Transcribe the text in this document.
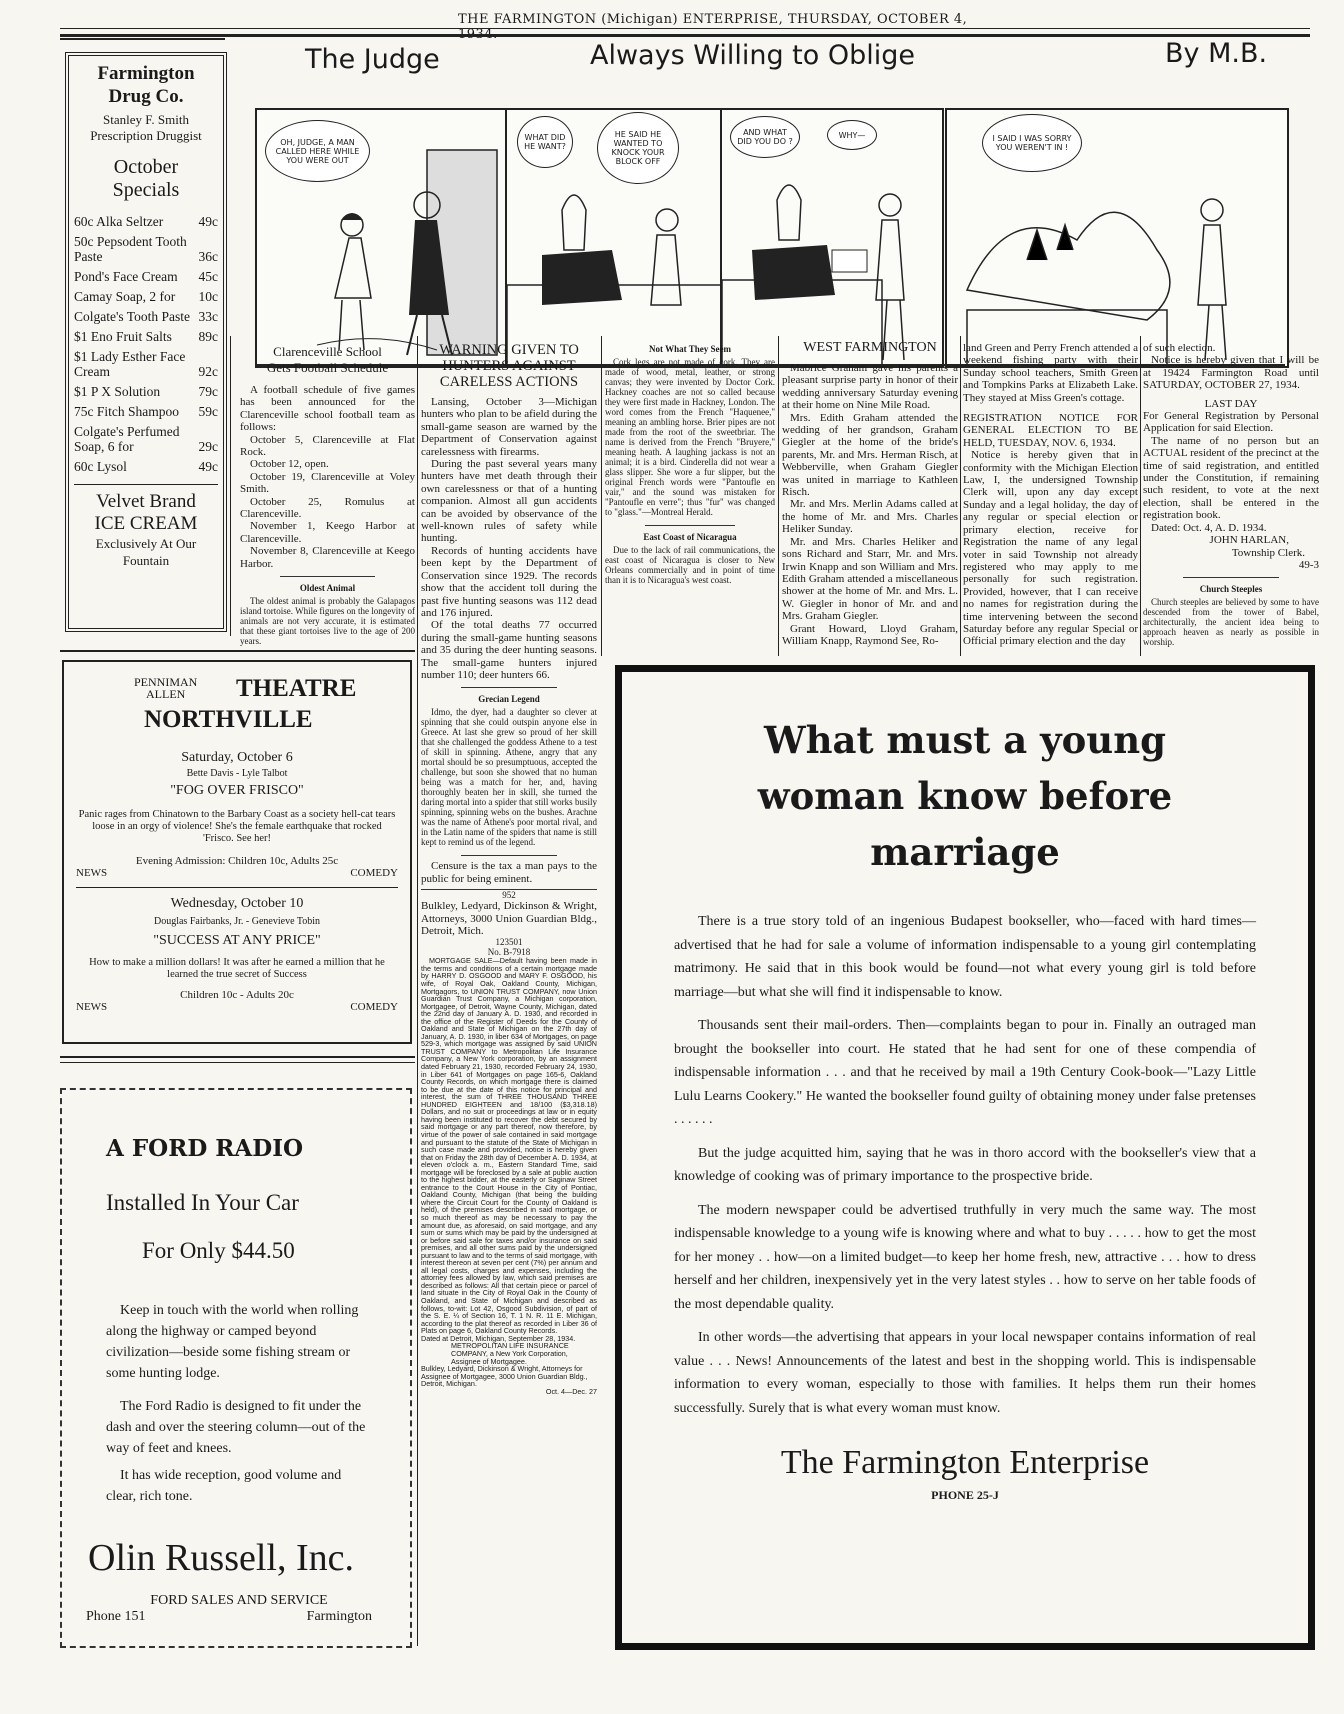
THE FARMINGTON (Michigan) ENTERPRISE, THURSDAY, OCTOBER 4,
The Judge	Always Willing to Oblige	By M.B.
OH, JUDGE, A MAN CALLED HERE WHILE YOU WERE OUT
WHAT DID HE WANT?
HE SAID HE WANTED TO KNOCK YOUR BLOCK OFF
AND WHAT DID YOU DO ?
WHY—	I SAID I WAS SORRY YOU WEREN'T IN !
Farmington
Drug Co.
Stanley F. Smith
Prescription Druggist
October
Specials
60c Alka Seltzer	49c
50c Pepsodent Tooth Paste	36c
Pond's Face Cream 45c
Camay Soap, 2 for 10c
Colgate's Tooth Paste 33c
$1 Eno Fruit Salts 89c
$1 Lady Esther Face Cream	92c
$1 P X Solution	79c
75c Fitch Shampoo 59c
Colgate's Perfumed Soap, 6 for	29c
60c Lysol	49c
Velvet Brand
ICE CREAM
Exclusively At Our
Fountain
Clarenceville School
Gets Football Schedule

A football schedule of five games has been announced for the Clarenceville school football team as follows:

October 5, Clarenceville at Flat Rock.

October 12, open.

October 19, Clarenceville at Voley Smith.

October 25, Romulus at Clarenceville.

November 1, Keego Harbor at Clarenceville.

November 8, Clarenceville at Keego Harbor.

Oldest Animal

The oldest animal is probably the Galapagos island tortoise. While figures on the longevity of animals are not very accurate, it is estimated that these giant tortoises live to the age of 200 years.

WARNING GIVEN TO
HUNTERS AGAINST
CARELESS ACTIONS

Lansing, October 3—Michigan hunters who plan to be afield during the small-game season are warned by the Department of Conservation against carelessness with firearms.

During the past several years many hunters have met death through their own carelessness or that of a hunting companion. Almost all gun accidents can be avoided by observance of the well-known rules of safety while hunting.

Records of hunting accidents have been kept by the Department of Conservation since 1929. The records show that the accident toll during the past five hunting seasons was 112 dead and 176 injured.

Of the total deaths 77 occurred during the small-game hunting seasons and 35 during the deer hunting seasons. The small-game hunters injured number 110; deer hunters 66.

Grecian Legend

Idmo, the dyer, had a daughter so clever at spinning that she could outspin anyone else in Greece. At last she grew so proud of her skill that she challenged the goddess Athene to a test of skill in spinning. Athene, angry that any mortal should be so presumptuous, accepted the challenge, but soon she showed that no human being was a match for her, and, having thoroughly beaten her in skill, she turned the daring mortal into a spider that still works busily spinning, spinning webs on the bushes. Arachne was the name of Athene's poor mortal rival, and in the Latin name of the spiders that name is still kept to remind us of the legend.

Censure is the tax a man pays to the public for being eminent.

952

Bulkley, Ledyard, Dickinson & Wright, Attorneys, 3000 Union Guardian Bldg., Detroit, Mich.

123501
No. B-7918

MORTGAGE SALE—Default having been made in the terms and conditions of a certain mortgage made by HARRY D. OSGOOD and MARY F. OSGOOD, his wife, of Royal Oak, Oakland County, Michigan, Mortgagors, to UNION TRUST COMPANY, now Union Guardian Trust Company, a Michigan corporation, Mortgagee, of Detroit, Wayne County, Michigan, dated the 22nd day of January A. D. 1930, and recorded in the office of the Register of Deeds for the County of Oakland and State of Michigan on the 27th day of January, A. D. 1930, in liber 634 of Mortgages, on page 529-3, which mortgage was assigned by said UNION TRUST COMPANY to Metropolitan Life Insurance Company, a New York corporation, by an assignment dated February 21, 1930, recorded February 24, 1930, in Liber 641 of Mortgages on page 165-6, Oakland County Records, on which mortgage there is claimed to be due at the date of this notice for principal and interest, the sum of THREE THOUSAND THREE HUNDRED EIGHTEEN and 18/100 ($3,318.18) Dollars, and no suit or proceedings at law or in equity having been instituted to recover the debt secured by said mortgage or any part thereof, now therefore, by virtue of the power of sale contained in said mortgage and pursuant to the statute of the State of Michigan in such case made and provided, notice is hereby given that on Friday the 28th day of December A. D. 1934, at eleven o'clock a. m., Eastern Standard Time, said mortgage will be foreclosed by a sale at public auction to the highest bidder, at the easterly or Saginaw Street entrance to the Court House in the City of Pontiac, Oakland County, Michigan (that being the building where the Circuit Court for the County of Oakland is held), of the premises described in said mortgage, or so much thereof as may be necessary to pay the amount due, as aforesaid, on said mortgage, and any sum or sums which may be paid by the undersigned at or before said sale for taxes and/or insurance on said premises, and all other sums paid by the undersigned pursuant to law and to the terms of said mortgage, with interest thereon at seven per cent (7%) per annum and all legal costs, charges and expenses, including the attorney fees allowed by law, which said premises are described as follows: All that certain piece or parcel of land situate in the City of Royal Oak in the County of Oakland, and State of Michigan and described as follows, to-wit: Lot 42, Osgood Subdivision, of part of the S. E. ¼ of Section 16, T. 1 N. R. 11 E. Michigan, according to the plat thereof as recorded in Liber 36 of Plats on page 6, Oakland County Records.

Dated at Detroit, Michigan, September 28, 1934.

METROPOLITAN LIFE INSURANCE COMPANY, a New York Corporation, Assignee of Mortgagee.

Bulkley, Ledyard, Dickinson & Wright, Attorneys for Assignee of Mortgagee, 3000 Union Guardian Bldg., Detroit, Michigan.

Oct. 4—Dec. 27

Not What They Seem

Cork legs are not made of cork. They are made of wood, metal, leather, or strong canvas; they were invented by Doctor Cork. Hackney coaches are not so called because they were first made in Hackney, London. The word comes from the French "Haquenee," meaning an ambling horse. Brier pipes are not made from the root of the sweetbriar. The name is derived from the French "Bruyere," meaning heath. A laughing jackass is not an animal; it is a bird. Cinderella did not wear a glass slipper. She wore a fur slipper, but the original French words were "Pantoufle en vair," and the sound was mistaken for "Pantoufle en verre"; thus "fur" was changed to "glass."—Montreal Herald.

East Coast of Nicaragua

Due to the lack of rail communications, the east coast of Nicaragua is closer to New Orleans commercially and in point of time than it is to Nicaragua's west coast.

WEST FARMINGTON

Mabrice Graham gave his parents a pleasant surprise party in honor of their wedding anniversary Saturday evening at their home on Nine Mile Road.

Mrs. Edith Graham attended the wedding of her grandson, Graham Giegler at the home of the bride's parents, Mr. and Mrs. Herman Risch, at Webberville, when Graham Giegler was united in marriage to Kathleen Risch.

Mr. and Mrs. Merlin Adams called at the home of Mr. and Mrs. Charles Heliker Sunday.

Mr. and Mrs. Charles Heliker and sons Richard and Starr, Mr. and Mrs. Irwin Knapp and son William and Mrs. Edith Graham attended a miscellaneous shower at the home of Mr. and Mrs. L. W. Giegler in honor of Mr. and and Mrs. Graham Giegler.

Grant Howard, Lloyd Graham, William Knapp, Raymond See, Ro-

land Green and Perry French attended a weekend fishing party with their Sunday school teachers, Smith Green and Tompkins Parks at Elizabeth Lake. They stayed at Miss Green's cottage.

REGISTRATION NOTICE FOR GENERAL ELECTION TO BE HELD, TUESDAY, NOV. 6, 1934.

Notice is hereby given that in conformity with the Michigan Election Law, I, the undersigned Township Clerk will, upon any day except Sunday and a legal holiday, the day of any regular or special election or primary election, receive for Registration the name of any legal voter in said Township not already registered who may apply to me personally for such registration. Provided, however, that I can receive no names for registration during the time intervening between the second Saturday before any regular Special or Official primary election and the day

of such election.

Notice is hereby given that I will be at 19424 Farmington Road until SATURDAY, OCTOBER 27, 1934.

LAST DAY

For General Registration by Personal Application for said Election.

The name of no person but an ACTUAL resident of the precinct at the time of said registration, and entitled under the Constitution, if remaining such resident, to vote at the next election, shall be entered in the registration book.

Dated: Oct. 4, A. D. 1934.

JOHN HARLAN,

Township Clerk.

49-3

Church Steeples

Church steeples are believed by some to have descended from the tower of Babel, architecturally, the ancient idea being to approach heaven as nearly as possible in worship.

PENNIMAN
ALLEN THEATRE
NORTHVILLE
Saturday, October 6
Bette Davis - Lyle Talbot
"FOG OVER FRISCO"
Panic rages from Chinatown to the Barbary Coast as a society hell-cat tears loose in an orgy of violence! She's the female earthquake that rocked 'Frisco. See her!
Evening Admission: Children 10c, Adults 25c
NEWS	COMEDY
Wednesday, October 10
Douglas Fairbanks, Jr. - Genevieve Tobin
"SUCCESS AT ANY PRICE"
How to make a million dollars! It was after he earned a million that he learned the true secret of Success
Children 10c - Adults 20c
NEWS	COMEDY
A FORD RADIO
Installed In Your Car
For Only $44.50

Keep in touch with the world when rolling along the highway or camped beyond civilization—beside some fishing stream or some hunting lodge.

The Ford Radio is designed to fit under the dash and over the steering column—out of the way of feet and knees.

It has wide reception, good volume and clear, rich tone.

Olin Russell, Inc.
FORD SALES AND SERVICE
Phone 151	Farmington
What must a young woman know before marriage

There is a true story told of an ingenious Budapest bookseller, who—faced with hard times—advertised that he had for sale a volume of information indispensable to a young girl contemplating matrimony. He said that in this book would be found—not what every young girl is told before marriage—but what she will find it indispensable to know.

Thousands sent their mail-orders. Then—complaints began to pour in. Finally an outraged man brought the bookseller into court. He stated that he had sent for one of these compendia of indispensable information . . . and that he received by mail a 19th Century Cook-book—"Lazy Little Lulu Learns Cookery." He wanted the bookseller found guilty of obtaining money under false pretenses . . . . . .

But the judge acquitted him, saying that he was in thoro accord with the bookseller's view that a knowledge of cooking was of primary importance to the prospective bride.

The modern newspaper could be advertised truthfully in very much the same way. The most indispensable knowledge to a young wife is knowing where and what to buy . . . . . how to get the most for her money . . how—on a limited budget—to keep her home fresh, new, attractive . . . how to dress herself and her children, inexpensively yet in the very latest styles . . how to serve on her table foods of the most dependable quality.

In other words—the advertising that appears in your local newspaper contains information of real value . . . News! Announcements of the latest and best in the shopping world. This is indispensable information to every woman, especially to those with families. It helps them run their homes successfully. Surely that is what every woman must know.

The Farmington Enterprise
PHONE 25-J
